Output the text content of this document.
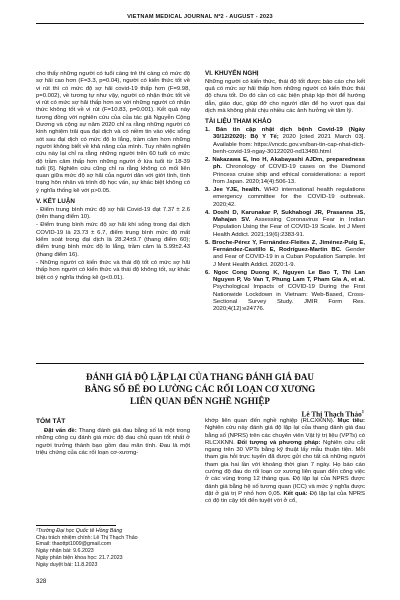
VIETNAM MEDICAL JOURNAL Nº2 - AUGUST - 2023

cho thấy những người có tuổi càng trẻ thì càng có mức độ sợ hãi cao hơn (F=3.3, p=0.04), người có kiến thức tốt về vi rút thì có mức độ sợ hãi covid-19 thấp hơn (F=9.98, p=0.002), về tương tự như vậy, người có nhận thức tốt về vi rút có mức sợ hãi thấp hơn so với những người có nhận thức không tốt về vi rút (F=10.83, p=0.001). Kết quả này tương đồng với nghiên cứu của của tác giả Nguyễn Cộng Dương và cộng sự năm 2020 chỉ ra rằng những người có kinh nghiệm trải qua đại dịch và có niềm tin vào việc sống sót sau đại dịch có mức độ lo lắng, trầm cảm hơn những người không biết về khả năng của mình. Tuy nhiên nghiên cứu này lại chỉ ra rằng những người trên 60 tuổi có mức độ trầm cảm thấp hơn những người ở lứa tuổi từ 18-39 tuổi [6]. Nghiên cứu cũng chỉ ra rằng không có mối liên quan giữa mức độ sợ hãi của người dân với giới tính, tình trạng hôn nhân và trình độ học vấn, sự khác biệt không có ý nghĩa thống kê với p>0.05.

V. KẾT LUẬN

- Điểm trung bình mức độ sợ hãi Covid-19 đạt 7.37 ± 2.6 (trên thang điểm 10).

- Điểm trung bình mức độ sợ hãi khi sống trong đại dịch COVID-19 là 23.73 ± 6.7, điểm trung bình mức độ mất kiểm soát trong đại dịch là 28.24±9.7 (thang điểm 60); điểm trung bình mức độ lo lắng, trầm cảm là 5.99±2.43 (thang điểm 16).

- Những người có kiến thức và thái độ tốt có mức sợ hãi thấp hơn người có kiến thức và thái độ không tốt, sự khác biệt có ý nghĩa thống kê (p<0.01).

VI. KHUYẾN NGHỊ

Những người có kiến thức, thái độ tốt được báo cáo cho kết quả có mức sợ hãi thấp hơn những người có kiến thức thái độ chưa tốt. Do đó cần có các biện pháp kịp thời để hướng dẫn, giáo dục, giúp đỡ cho người dân để họ vượt qua đại dịch mà không phải chịu nhiều các ảnh hưởng về tâm lý.

TÀI LIỆU THAM KHẢO
1. Bản tin cập nhật dịch bệnh Covid-19 (Ngày 30/12/2020): Bộ Y Tế; 2020 [cited 2021 March 03]. Available from: https://vncdc.gov.vn/ban-tin-cap-nhat-dich-benh-covid-19-ngay-30122020-nd13480.html
2. Nakazawa E, Ino H, Akabayashi AJDm, preparedness ph. Chronology of COVID-19 cases on the Diamond Princess cruise ship and ethical considerations: a report from Japan. 2020;14(4):506-13.
3. Jee YJE, health. WHO international health regulations emergency committee for the COVID-19 outbreak. 2020;42.
4. Doshi D, Karunakar P, Sukhabogi JR, Prasanna JS, Mahajan SV. Assessing Coronavirus Fear in Indian Population Using the Fear of COVID-19 Scale. Int J Ment Health Addict. 2021;19(6):2383-91.
5. Broche-Pérez Y, Fernández-Fleites Z, Jiménez-Puig E, Fernández-Castillo E, Rodríguez-Martin BC. Gender and Fear of COVID-19 in a Cuban Population Sample. Int J Ment Health Addict. 2020:1-9.
6. Ngoc Cong Duong K, Nguyen Le Bao T, Thi Lan Nguyen P, Vo Van T, Phung Lam T, Pham Gia A, et al. Psychological Impacts of COVID-19 During the First Nationwide Lockdown in Vietnam: Web-Based, Cross-Sectional Survey Study. JMIR Form Res. 2020;4(12):e24776.
ĐÁNH GIÁ ĐỘ LẶP LẠI CỦA THANG ĐÁNH GIÁ ĐAU
BẰNG SỐ ĐỂ ĐO LƯỜNG CÁC RỐI LOẠN CƠ XƯƠNG
LIÊN QUAN ĐẾN NGHỀ NGHIỆP
Lê Thị Thạch Thảo$^1$
TÓM TẮT

Đặt vấn đề: Thang đánh giá đau bằng số là một trong những công cụ đánh giá mức độ đau chủ quan tốt nhất ở người trưởng thành bạo gồm đau mãn tính. Đau là một triệu chứng của các rối loạn cơ-xương-

khớp liên quan đến nghề nghiệp (RLCXKNN). Mục tiêu: Nghiên cứu này đánh giá độ lặp lại của thang đánh giá đau bằng số (NPRS) trên các chuyên viên Vật lý trị liệu (VPTs) có RLCXKNN. Đối tượng và phương pháp: Nghiên cứu cắt ngang trên 30 VPTs bằng kỹ thuật lấy mẫu thuận tiện. Mỗi tham gia hỏi trực tuyến đã được gửi cho tất cả những người tham gia hai lần với khoảng thời gian 7 ngày. Họ báo cáo cường độ đau do rối loạn cơ xương liên quan đến công việc ở các vùng trong 12 tháng qua. Độ lặp lại của NPRS được đánh giá bằng hệ số tương quan (ICC) và mức ý nghĩa được đặt ở giá trị P nhỏ hơn 0,05. Kết quả: Độ lặp lại của NPRS có độ tin cậy tốt đến tuyệt vời ở cổ,

¹Trường Đại học Quốc tế Hồng Bàng
Chịu trách nhiệm chính: Lê Thị Thạch Thảo
Email: thaottpt1009@gmail.com
Ngày nhận bài: 9.6.2023
Ngày phản biện khoa học: 21.7.2023
Ngày duyệt bài: 11.8.2023
328
